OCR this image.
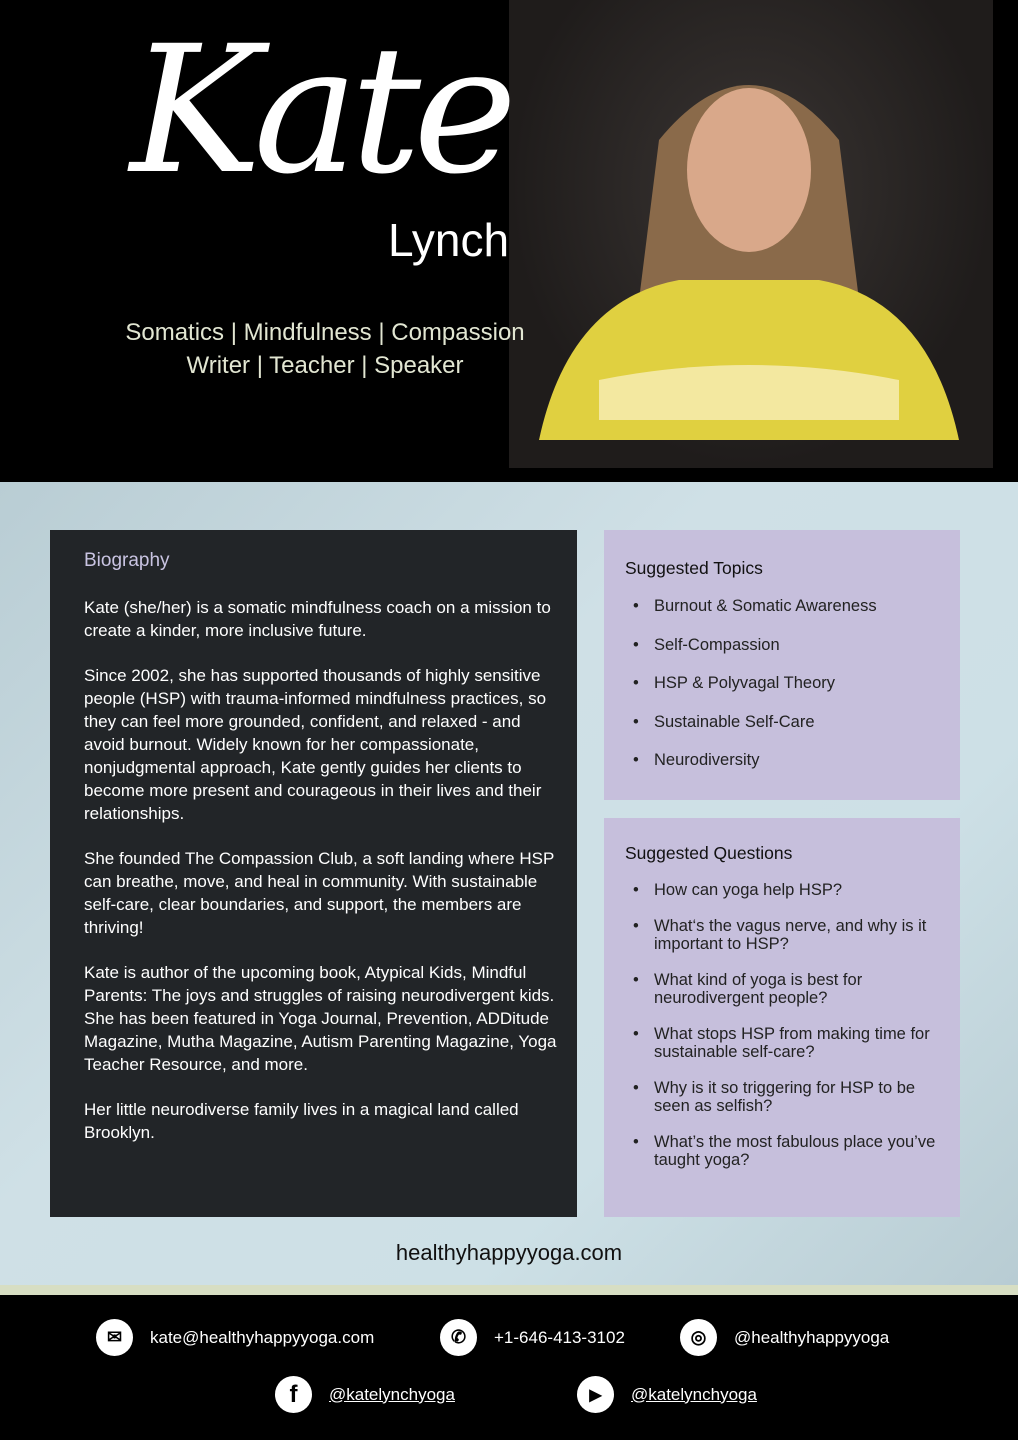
Kate
Lynch
Somatics | Mindfulness | Compassion
Writer | Teacher | Speaker
Biography

Kate (she/her) is a somatic mindfulness coach on a mission to create a kinder, more inclusive future.

Since 2002, she has supported thousands of highly sensitive people (HSP) with trauma-informed mindfulness practices, so they can feel more grounded, confident, and relaxed - and avoid burnout. Widely known for her compassionate, nonjudgmental approach, Kate gently guides her clients to become more present and courageous in their lives and their relationships.

She founded The Compassion Club, a soft landing where HSP can breathe, move, and heal in community. With sustainable self-care, clear boundaries, and support, the members are thriving!

Kate is author of the upcoming book, Atypical Kids, Mindful Parents: The joys and struggles of raising neurodivergent kids. She has been featured in Yoga Journal, Prevention, ADDitude Magazine, Mutha Magazine, Autism Parenting Magazine, Yoga Teacher Resource, and more.

Her little neurodiverse family lives in a magical land called Brooklyn.

Suggested Topics
• Burnout & Somatic Awareness
• Self-Compassion
• HSP & Polyvagal Theory
• Sustainable Self-Care
• Neurodiversity
Suggested Questions
• How can yoga help HSP?
• What‘s the vagus nerve, and why is it important to HSP?
• What kind of yoga is best for neurodivergent people?
• What stops HSP from making time for sustainable self-care?
• Why is it so triggering for HSP to be seen as selfish?
• What’s the most fabulous place you’ve taught yoga?
healthyhappyyoga.com
✉	kate@healthyhappyyoga.com	✆	+1-646-413-3102	◎	@healthyhappyyoga
f	@katelynchyoga	▶	@katelynchyoga
